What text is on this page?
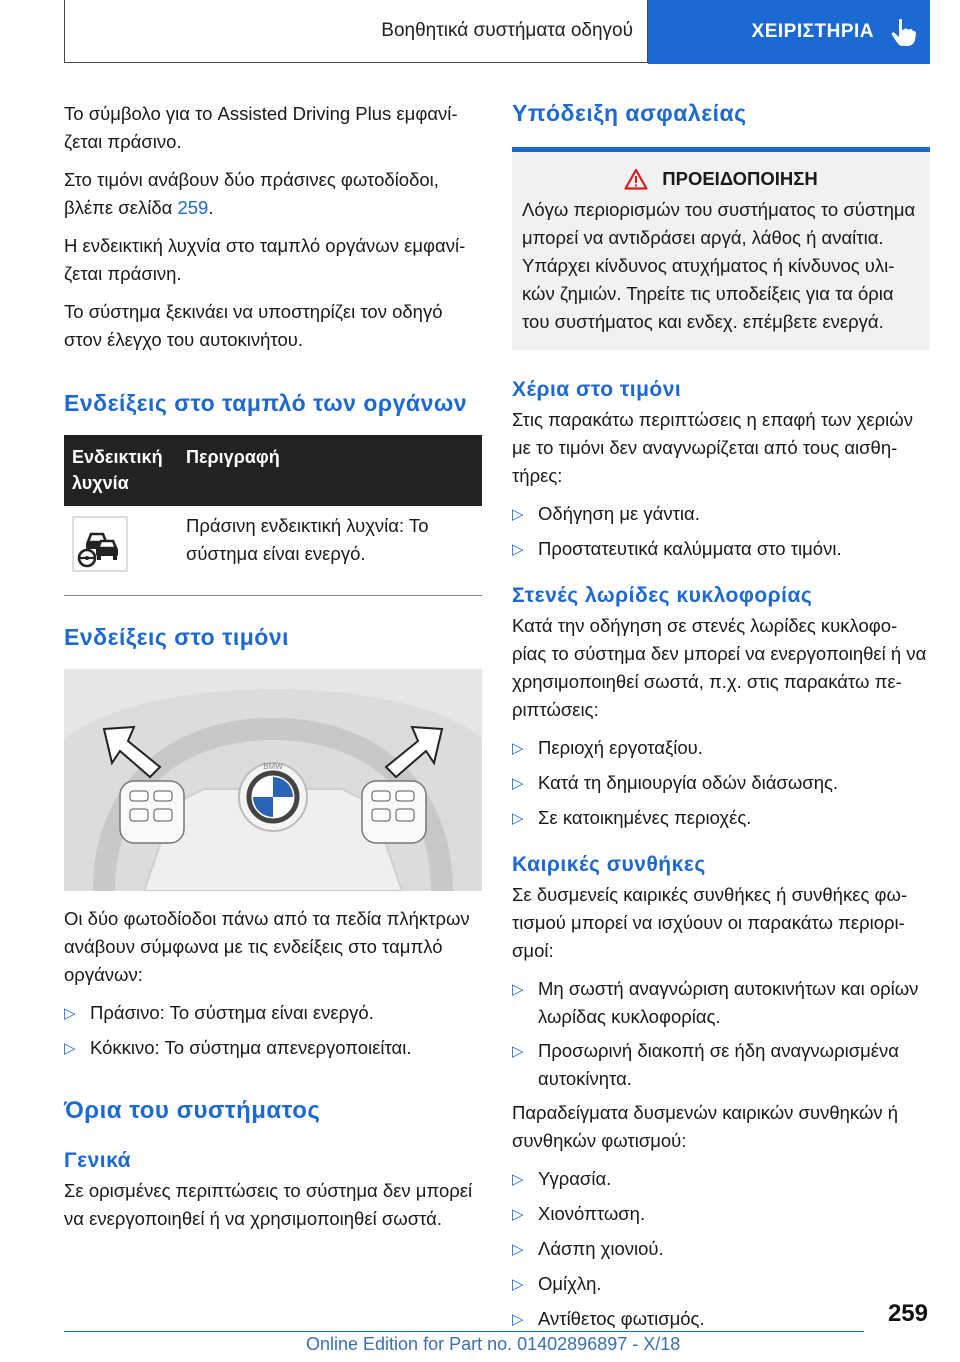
Βοηθητικά συστήματα οδηγού	ΧΕΙΡΙΣΤΗΡΙΑ

Το σύμβολο για το Assisted Driving Plus εμφανί‐ζεται πράσινο.

Στο τιμόνι ανάβουν δύο πράσινες φωτοδίοδοι, βλέπε σελίδα 259.

Η ενδεικτική λυχνία στο ταμπλό οργάνων εμφανί‐ζεται πράσινη.

Το σύστημα ξεκινάει να υποστηρίζει τον οδηγό στον έλεγχο του αυτοκινήτου.

Ενδείξεις στο ταμπλό των οργάνων
Ενδεικτική λυχνία
Περιγραφή
Πράσινη ενδεικτική λυχνία: Το σύστημα είναι ενεργό.
Ενδείξεις στο τιμόνι
BMW

Οι δύο φωτοδίοδοι πάνω από τα πεδία πλήκτρων ανάβουν σύμφωνα με τις ενδείξεις στο ταμπλό οργάνων:

▷ Πράσινο: Το σύστημα είναι ενεργό.
▷ Κόκκινο: Το σύστημα απενεργοποιείται.
Όρια του συστήματος
Γενικά

Σε ορισμένες περιπτώσεις το σύστημα δεν μπορεί να ενεργοποιηθεί ή να χρησιμοποιηθεί σωστά.

Υπόδειξη ασφαλείας
ΠΡΟΕΙΔΟΠΟΙΗΣΗ

Λόγω περιορισμών του συστήματος το σύστημα μπορεί να αντιδράσει αργά, λάθος ή αναίτια. Υπάρχει κίνδυνος ατυχήματος ή κίνδυνος υλι‐κών ζημιών. Τηρείτε τις υποδείξεις για τα όρια του συστήματος και ενδεχ. επέμβετε ενεργά.

Χέρια στο τιμόνι

Στις παρακάτω περιπτώσεις η επαφή των χεριών με το τιμόνι δεν αναγνωρίζεται από τους αισθη‐τήρες:

▷ Οδήγηση με γάντια.
▷ Προστατευτικά καλύμματα στο τιμόνι.
Στενές λωρίδες κυκλοφορίας

Κατά την οδήγηση σε στενές λωρίδες κυκλοφο‐ρίας το σύστημα δεν μπορεί να ενεργοποιηθεί ή να χρησιμοποιηθεί σωστά, π.χ. στις παρακάτω πε‐ριπτώσεις:

▷ Περιοχή εργοταξίου.
▷ Κατά τη δημιουργία οδών διάσωσης.
▷ Σε κατοικημένες περιοχές.
Καιρικές συνθήκες

Σε δυσμενείς καιρικές συνθήκες ή συνθήκες φω‐τισμού μπορεί να ισχύουν οι παρακάτω περιορι‐σμοί:

▷ Μη σωστή αναγνώριση αυτοκινήτων και ορίων λωρίδας κυκλοφορίας.
▷ Προσωρινή διακοπή σε ήδη αναγνωρισμένα αυτοκίνητα.

Παραδείγματα δυσμενών καιρικών συνθηκών ή συνθηκών φωτισμού:

▷ Υγρασία.
▷ Χιονόπτωση.
▷ Λάσπη χιονιού.
▷ Ομίχλη.
▷ Αντίθετος φωτισμός.	259
Online Edition for Part no. 01402896897 - X/18
